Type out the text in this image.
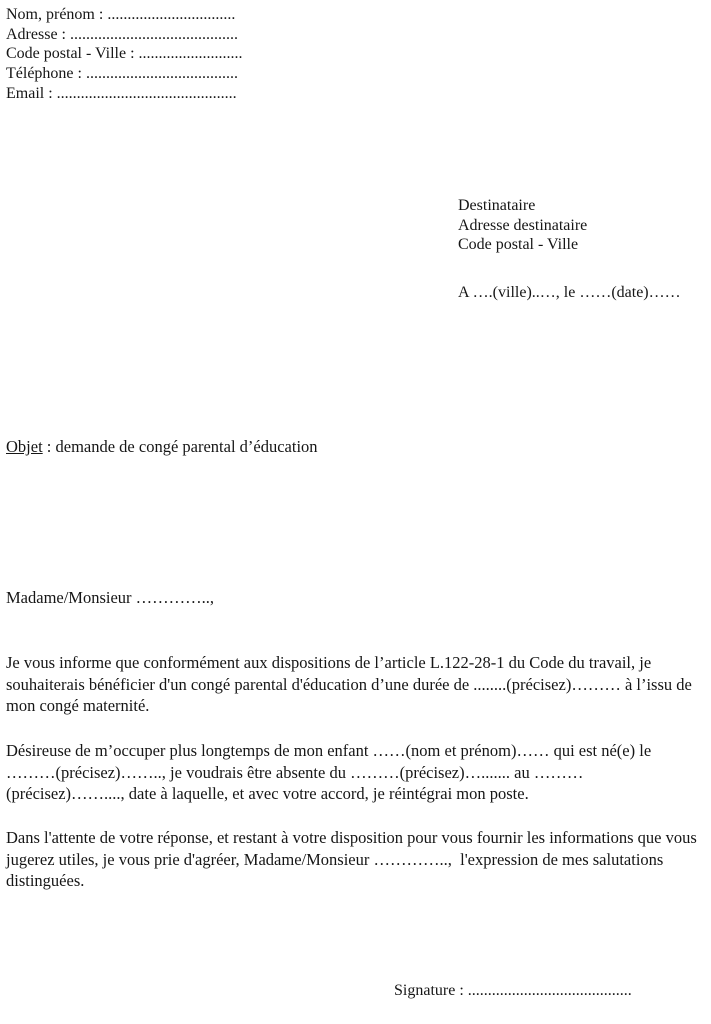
Nom, prénom : ................................
Adresse : ..........................................
Code postal - Ville : ..........................
Téléphone : ......................................
Email : .............................................
Destinataire
Adresse destinataire
Code postal - Ville
A ….(ville)..…, le ……(date)……
Objet : demande de congé parental d’éducation
Madame/Monsieur …………..,

Je vous informe que conformément aux dispositions de l’article L.122-28-1 du Code du travail, je souhaiterais bénéficier d'un congé parental d'éducation d’une durée de ........(précisez)……… à l’issu de mon congé maternité.

Désireuse de m’occuper plus longtemps de mon enfant ……(nom et prénom)…… qui est né(e) le ………(précisez)…….., je voudrais être absente du ………(précisez)…....... au ………(précisez)……...., date à laquelle, et avec votre accord, je réintégrai mon poste.

Dans l'attente de votre réponse, et restant à votre disposition pour vous fournir les informations que vous jugerez utiles, je vous prie d'agréer, Madame/Monsieur …………..,  l'expression de mes salutations distinguées.

Signature : .........................................
